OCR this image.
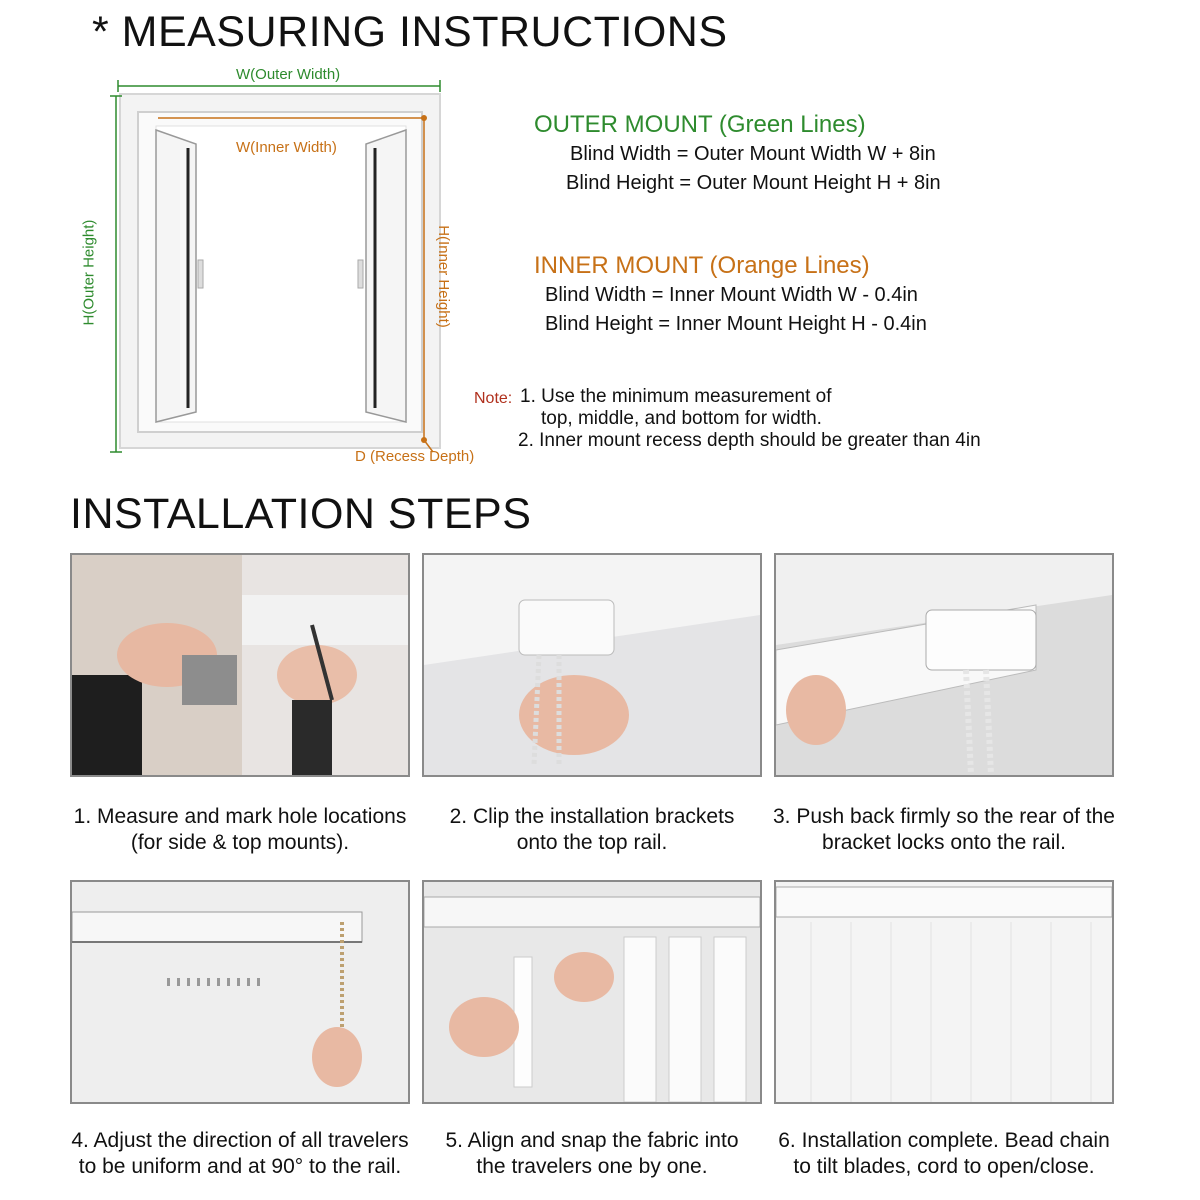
* MEASURING INSTRUCTIONS
W(Outer Width)
W(Inner Width)
H(Outer Height)	H(Inner Height)
D (Recess Depth)
OUTER MOUNT (Green Lines)
Blind Width = Outer Mount Width W + 8in
Blind Height = Outer Mount Height H + 8in
INNER MOUNT (Orange Lines)
Blind Width = Inner Mount Width W - 0.4in
Blind Height = Inner Mount Height H - 0.4in
Note: 1. Use the minimum measurement of
top, middle, and bottom for width.
2. Inner mount recess depth should be greater than 4in
INSTALLATION STEPS
1. Measure and mark hole locations
(for side & top mounts).
2. Clip the installation brackets
onto the top rail.
3. Push back firmly so the rear of the
bracket locks onto the rail.
4. Adjust the direction of all travelers
to be uniform and at 90° to the rail.
5. Align and snap the fabric into
the travelers one by one.
6. Installation complete. Bead chain
to tilt blades, cord to open/close.
